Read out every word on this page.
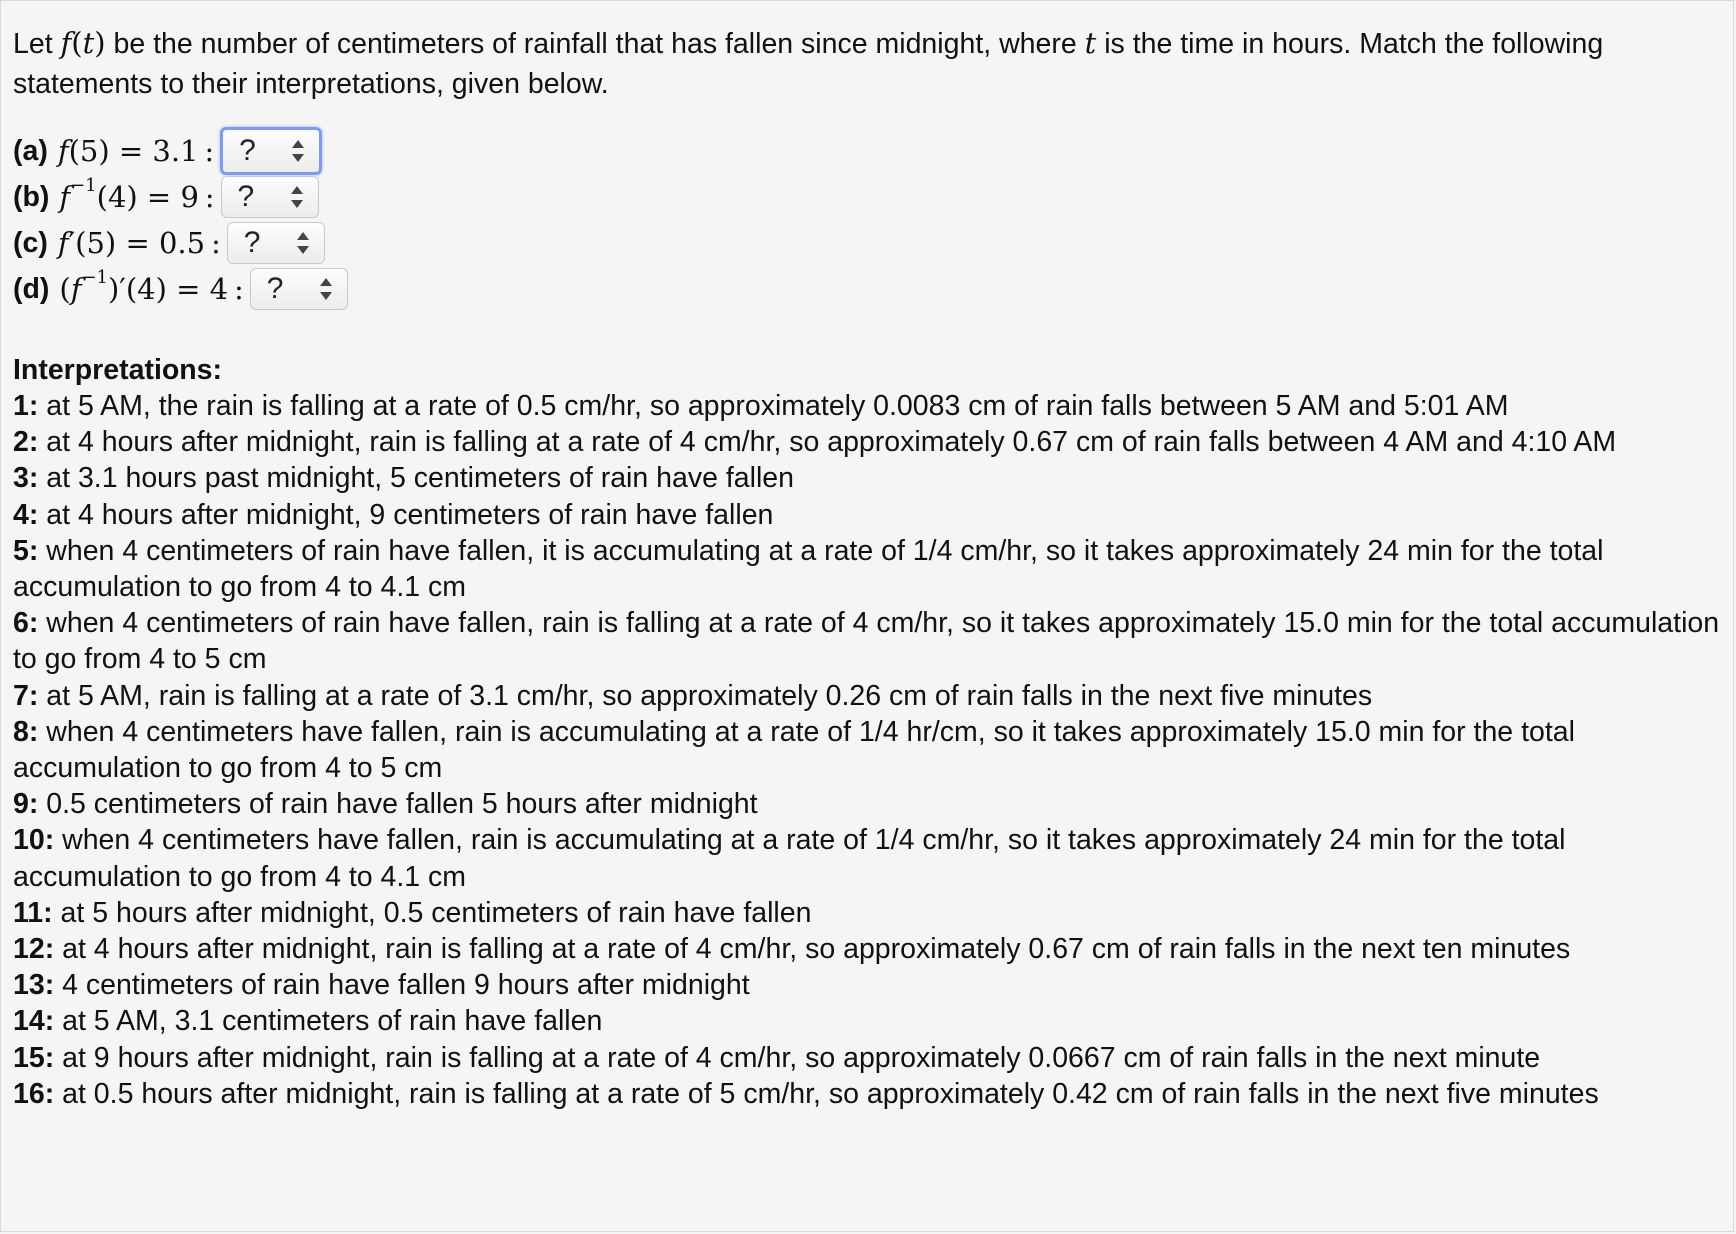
Let f(t) be the number of centimeters of rainfall that has fallen since midnight, where t is the time in hours. Match the following statements to their interpretations, given below.

(a) f(5) = 3.1 : ?
(b) $f^{-1}(4) = 9$ : ?
(c) f′(5) = 0.5 : ?
(d) $(f^{-1})'(4) = 4$ : ?
Interpretations:
1: at 5 AM, the rain is falling at a rate of 0.5 cm/hr, so approximately 0.0083 cm of rain falls between 5 AM and 5:01 AM
2: at 4 hours after midnight, rain is falling at a rate of 4 cm/hr, so approximately 0.67 cm of rain falls between 4 AM and 4:10 AM
3: at 3.1 hours past midnight, 5 centimeters of rain have fallen
4: at 4 hours after midnight, 9 centimeters of rain have fallen
5: when 4 centimeters of rain have fallen, it is accumulating at a rate of 1/4 cm/hr, so it takes approximately 24 min for the total accumulation to go from 4 to 4.1 cm
6: when 4 centimeters of rain have fallen, rain is falling at a rate of 4 cm/hr, so it takes approximately 15.0 min for the total accumulation to go from 4 to 5 cm
7: at 5 AM, rain is falling at a rate of 3.1 cm/hr, so approximately 0.26 cm of rain falls in the next five minutes
8: when 4 centimeters have fallen, rain is accumulating at a rate of 1/4 hr/cm, so it takes approximately 15.0 min for the total accumulation to go from 4 to 5 cm
9: 0.5 centimeters of rain have fallen 5 hours after midnight
10: when 4 centimeters have fallen, rain is accumulating at a rate of 1/4 cm/hr, so it takes approximately 24 min for the total accumulation to go from 4 to 4.1 cm
11: at 5 hours after midnight, 0.5 centimeters of rain have fallen
12: at 4 hours after midnight, rain is falling at a rate of 4 cm/hr, so approximately 0.67 cm of rain falls in the next ten minutes
13: 4 centimeters of rain have fallen 9 hours after midnight
14: at 5 AM, 3.1 centimeters of rain have fallen
15: at 9 hours after midnight, rain is falling at a rate of 4 cm/hr, so approximately 0.0667 cm of rain falls in the next minute
16: at 0.5 hours after midnight, rain is falling at a rate of 5 cm/hr, so approximately 0.42 cm of rain falls in the next five minutes
